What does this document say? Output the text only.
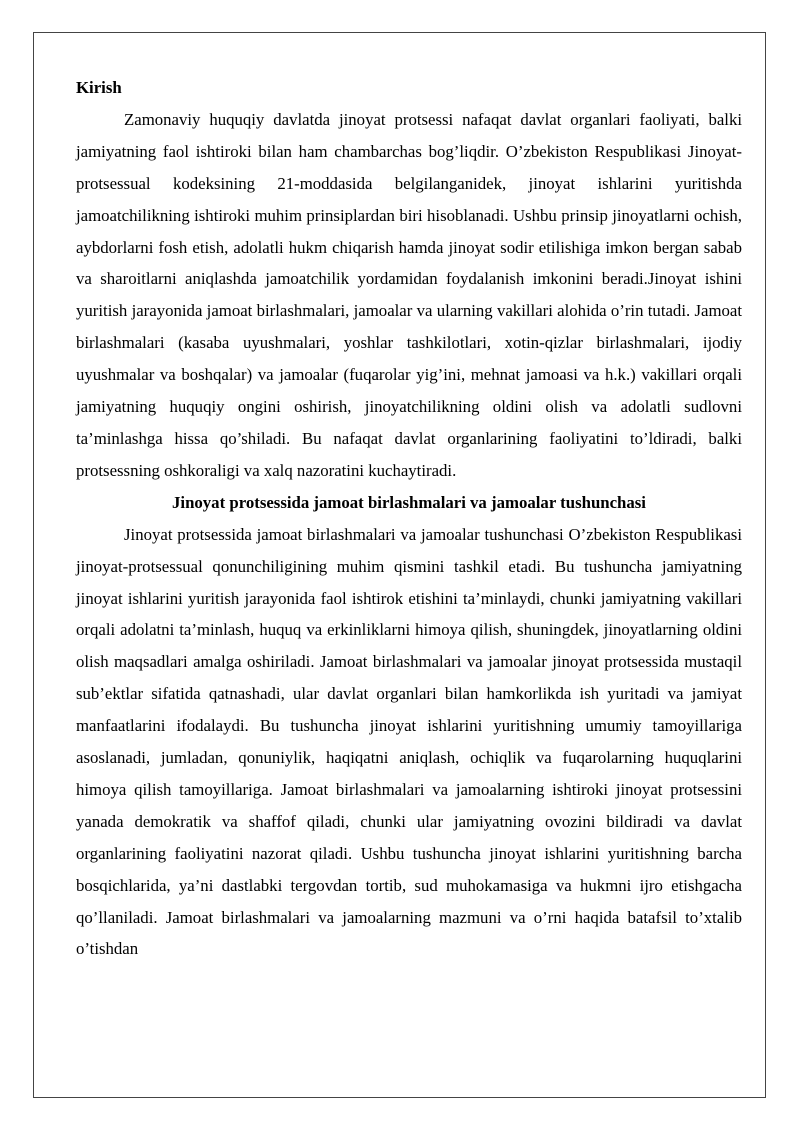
Kirish

Zamonaviy huquqiy davlatda jinoyat protsessi nafaqat davlat organlari faoliyati, balki jamiyatning faol ishtiroki bilan ham chambarchas bog’liqdir. O’zbekiston Respublikasi Jinoyat-protsessual kodeksining 21-moddasida belgilanganidek, jinoyat ishlarini yuritishda jamoatchilikning ishtiroki muhim prinsiplardan biri hisoblanadi. Ushbu prinsip jinoyatlarni ochish, aybdorlarni fosh etish, adolatli hukm chiqarish hamda jinoyat sodir etilishiga imkon bergan sabab va sharoitlarni aniqlashda jamoatchilik yordamidan foydalanish imkonini beradi.Jinoyat ishini yuritish jarayonida jamoat birlashmalari, jamoalar va ularning vakillari alohida o’rin tutadi. Jamoat birlashmalari (kasaba uyushmalari, yoshlar tashkilotlari, xotin-qizlar birlashmalari, ijodiy uyushmalar va boshqalar) va jamoalar (fuqarolar yig’ini, mehnat jamoasi va h.k.) vakillari orqali jamiyatning huquqiy ongini oshirish, jinoyatchilikning oldini olish va adolatli sudlovni ta’minlashga hissa qo’shiladi. Bu nafaqat davlat organlarining faoliyatini to’ldiradi, balki protsessning oshkoraligi va xalq nazoratini kuchaytiradi.

Jinoyat protsessida jamoat birlashmalari va jamoalar tushunchasi

Jinoyat protsessida jamoat birlashmalari va jamoalar tushunchasi O’zbekiston Respublikasi jinoyat-protsessual qonunchiligining muhim qismini tashkil etadi. Bu tushuncha jamiyatning jinoyat ishlarini yuritish jarayonida faol ishtirok etishini ta’minlaydi, chunki jamiyatning vakillari orqali adolatni ta’minlash, huquq va erkinliklarni himoya qilish, shuningdek, jinoyatlarning oldini olish maqsadlari amalga oshiriladi. Jamoat birlashmalari va jamoalar jinoyat protsessida mustaqil sub’ektlar sifatida qatnashadi, ular davlat organlari bilan hamkorlikda ish yuritadi va jamiyat manfaatlarini ifodalaydi. Bu tushuncha jinoyat ishlarini yuritishning umumiy tamoyillariga asoslanadi, jumladan, qonuniylik, haqiqatni aniqlash, ochiqlik va fuqarolarning huquqlarini himoya qilish tamoyillariga. Jamoat birlashmalari va jamoalarning ishtiroki jinoyat protsessini yanada demokratik va shaffof qiladi, chunki ular jamiyatning ovozini bildiradi va davlat organlarining faoliyatini nazorat qiladi. Ushbu tushuncha jinoyat ishlarini yuritishning barcha bosqichlarida, ya’ni dastlabki tergovdan tortib, sud muhokamasiga va hukmni ijro etishgacha qo’llaniladi. Jamoat birlashmalari va jamoalarning mazmuni va o’rni haqida batafsil to’xtalib o’tishdan
